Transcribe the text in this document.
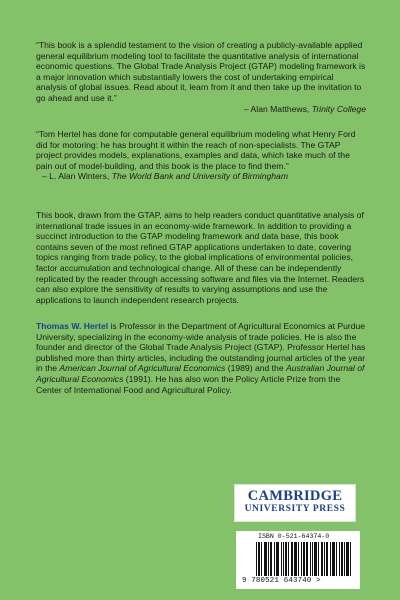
“This book is a splendid testament to the vision of creating a publicly-available applied general equilibrium modeling tool to facilitate the quantitative analysis of international economic questions. The Global Trade Analysis Project (GTAP) modeling framework is a major innovation which substantially lowers the cost of undertaking empirical analysis of global issues. Read about it, learn from it and then take up the invitation to go ahead and use it.”

– Alan Matthews, Trinity College

“Tom Hertel has done for computable general equilibrium modeling what Henry Ford did for motoring: he has brought it within the reach of non-specialists. The GTAP project provides models, explanations, examples and data, which take much of the pain out of model-building, and this book is the place to find them.”

– L. Alan Winters, The World Bank and University of Birmingham

This book, drawn from the GTAP, aims to help readers conduct quantitative analysis of international trade issues in an economy-wide framework. In addition to providing a succinct introduction to the GTAP modeling framework and data base, this book contains seven of the most refined GTAP applications undertaken to date, covering topics ranging from trade policy, to the global implications of environmental policies, factor accumulation and technological change. All of these can be independently replicated by the reader through accessing software and files via the Internet. Readers can also explore the sensitivity of results to varying assumptions and use the applications to launch independent research projects.

Thomas W. Hertel is Professor in the Department of Agricultural Economics at Purdue University, specializing in the economy-wide analysis of trade policies. He is also the founder and director of the Global Trade Analysis Project (GTAP). Professor Hertel has published more than thirty articles, including the outstanding journal articles of the year in the American Journal of Agricultural Economics (1989) and the Australian Journal of Agricultural Economics (1991). He has also won the Policy Article Prize from the Center of International Food and Agricultural Policy.

CAMBRIDGE
UNIVERSITY PRESS
ISBN 0-521-64374-0
9 780521 643740 >
